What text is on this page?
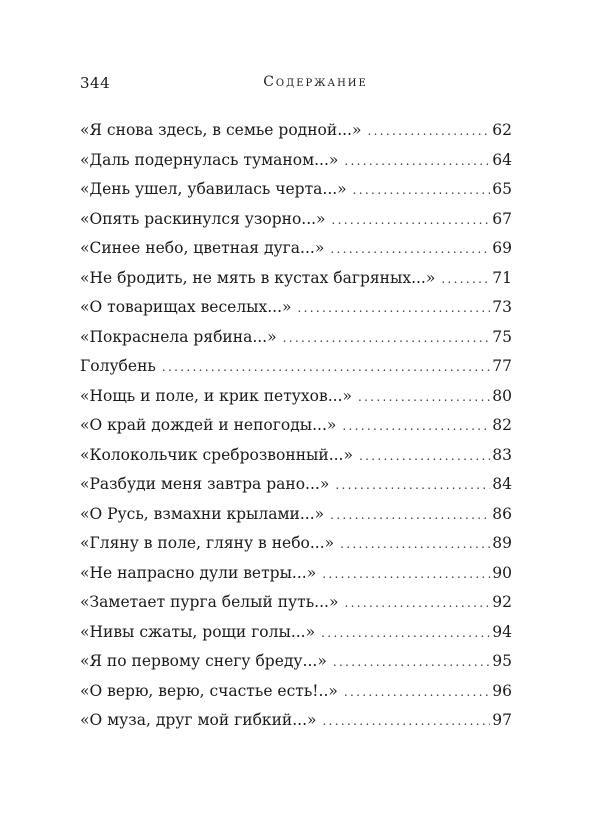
344	Содержание
«Я снова здесь, в семье родной...» . . .	62
«Даль подернулась туманом...» . . .	64
«День ушел, убавилась черта...» . . .	65
«Опять раскинулся узорно...» . . .	67
«Синее небо, цветная дуга...» . . .	69
«Не бродить, не мять в кустах багряных...» . . .	71
«О товарищах веселых...» . . .	73
«Покраснела рябина...» . . .	75
Голубень . . .	77
«Нощь и поле, и крик петухов...» . . .	80
«О край дождей и непогоды...» . . .	82
«Колокольчик среброзвонный...» . . .	83
«Разбуди меня завтра рано...» . . .	84
«О Русь, взмахни крылами...» . . .	86
«Гляну в поле, гляну в небо...» . . .	89
«Не напрасно дули ветры...» . . .	90
«Заметает пурга белый путь...» . . .	92
«Нивы сжаты, рощи голы...» . . .	94
«Я по первому снегу бреду...» . . .	95
«О верю, верю, счастье есть!..» . . .	96
«О муза, друг мой гибкий...» . . .	97
